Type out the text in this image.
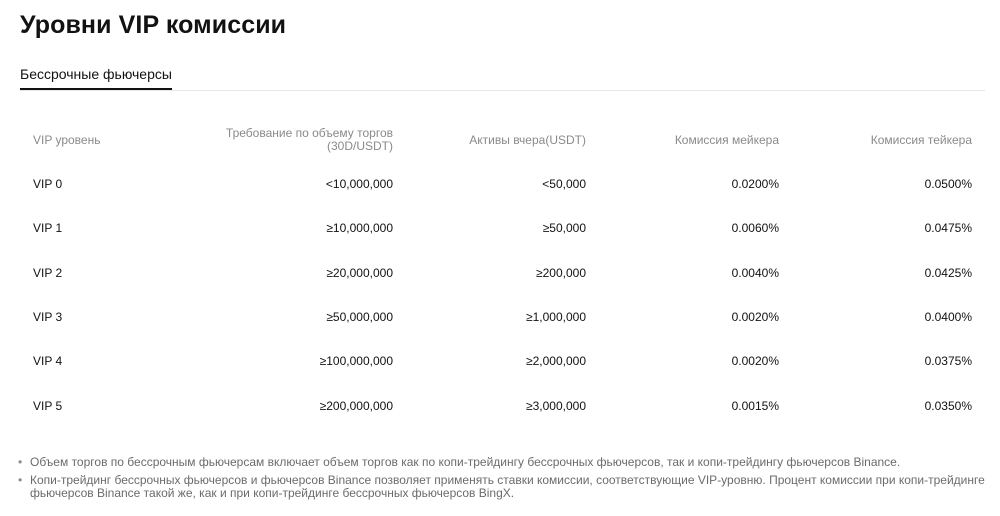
Уровни VIP комиссии
Бессрочные фьючерсы
VIP уровень	Требование по объему торгов (30D/USDT)	Активы вчера(USDT)	Комиссия мейкера	Комиссия тейкера
VIP 0	<10,000,000	<50,000	0.0200%	0.0500%
VIP 1	≥10,000,000	≥50,000	0.0060%	0.0475%
VIP 2	≥20,000,000	≥200,000	0.0040%	0.0425%
VIP 3	≥50,000,000	≥1,000,000	0.0020%	0.0400%
VIP 4	≥100,000,000	≥2,000,000	0.0020%	0.0375%
VIP 5	≥200,000,000	≥3,000,000	0.0015%	0.0350%
• Объем торгов по бессрочным фьючерсам включает объем торгов как по копи-трейдингу бессрочных фьючерсов, так и копи-трейдингу фьючерсов Binance.
• Копи-трейдинг бессрочных фьючерсов и фьючерсов Binance позволяет применять ставки комиссии, соответствующие VIP-уровню. Процент комиссии при копи-трейдинге фьючерсов Binance такой же, как и при копи-трейдинге бессрочных фьючерсов BingX.
